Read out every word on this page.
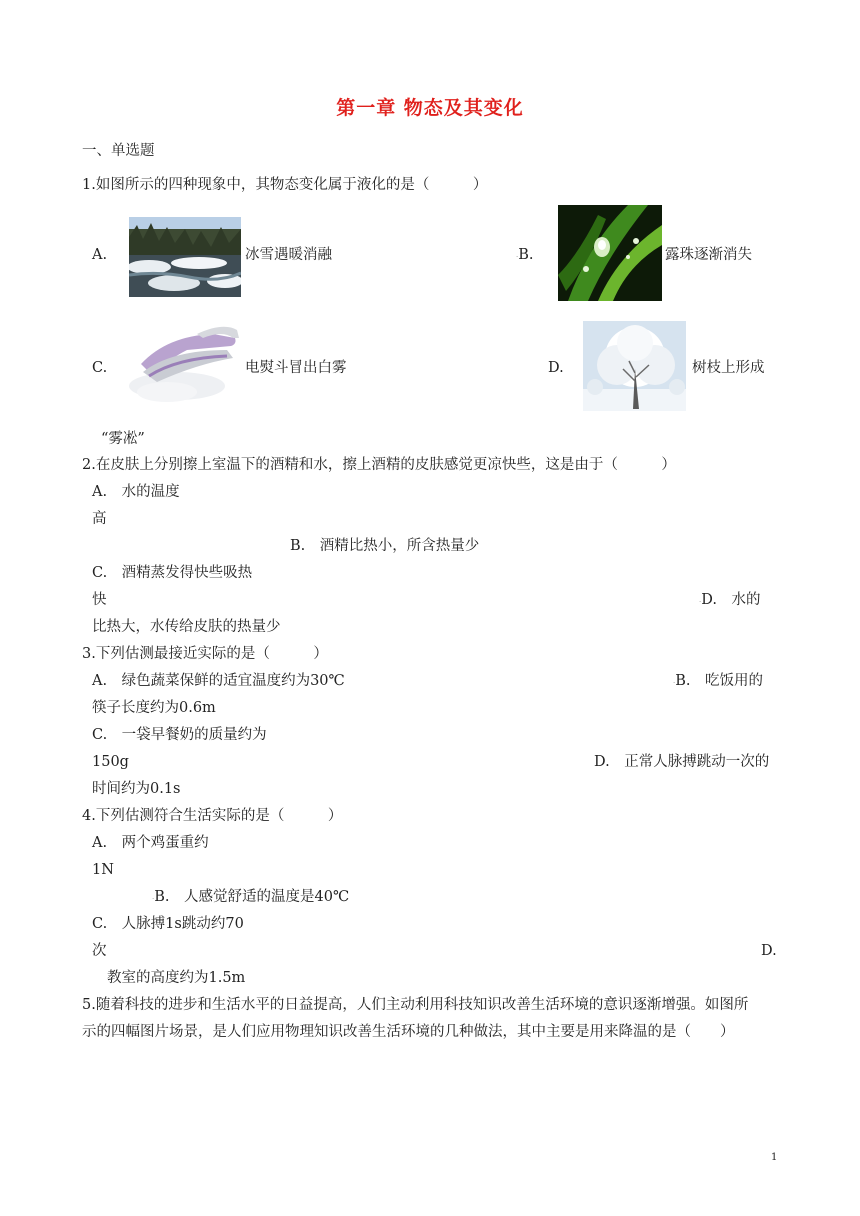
第一章 物态及其变化
一、单选题
1.如图所示的四种现象中，其物态变化属于液化的是（　　　）
A.	冰雪遇暖消融	·B.	露珠逐渐消失
C.	电熨斗冒出白雾	D.	树枝上形成
“雾凇”
2.在皮肤上分别擦上室温下的酒精和水，擦上酒精的皮肤感觉更凉快些，这是由于（　　　）
A.　水的温度
高
B.　酒精比热小，所含热量少
C.　酒精蒸发得快些吸热
快	·D.　水的
比热大，水传给皮肤的热量少
3.下列估测最接近实际的是（　　　）
A.　绿色蔬菜保鲜的适宜温度约为30℃	·B.　吃饭用的
筷子长度约为0.6m
C.　一袋早餐奶的质量约为
150g	D.　正常人脉搏跳动一次的
时间约为0.1s
4.下列估测符合生活实际的是（　　　）
A.　两个鸡蛋重约
1N
·B.　人感觉舒适的温度是40℃
C.　人脉搏1s跳动约70
次	D.
教室的高度约为1.5m
5.随着科技的进步和生活水平的日益提高，人们主动利用科技知识改善生活环境的意识逐渐增强。如图所
示的四幅图片场景，是人们应用物理知识改善生活环境的几种做法，其中主要是用来降温的是（　　）
1
